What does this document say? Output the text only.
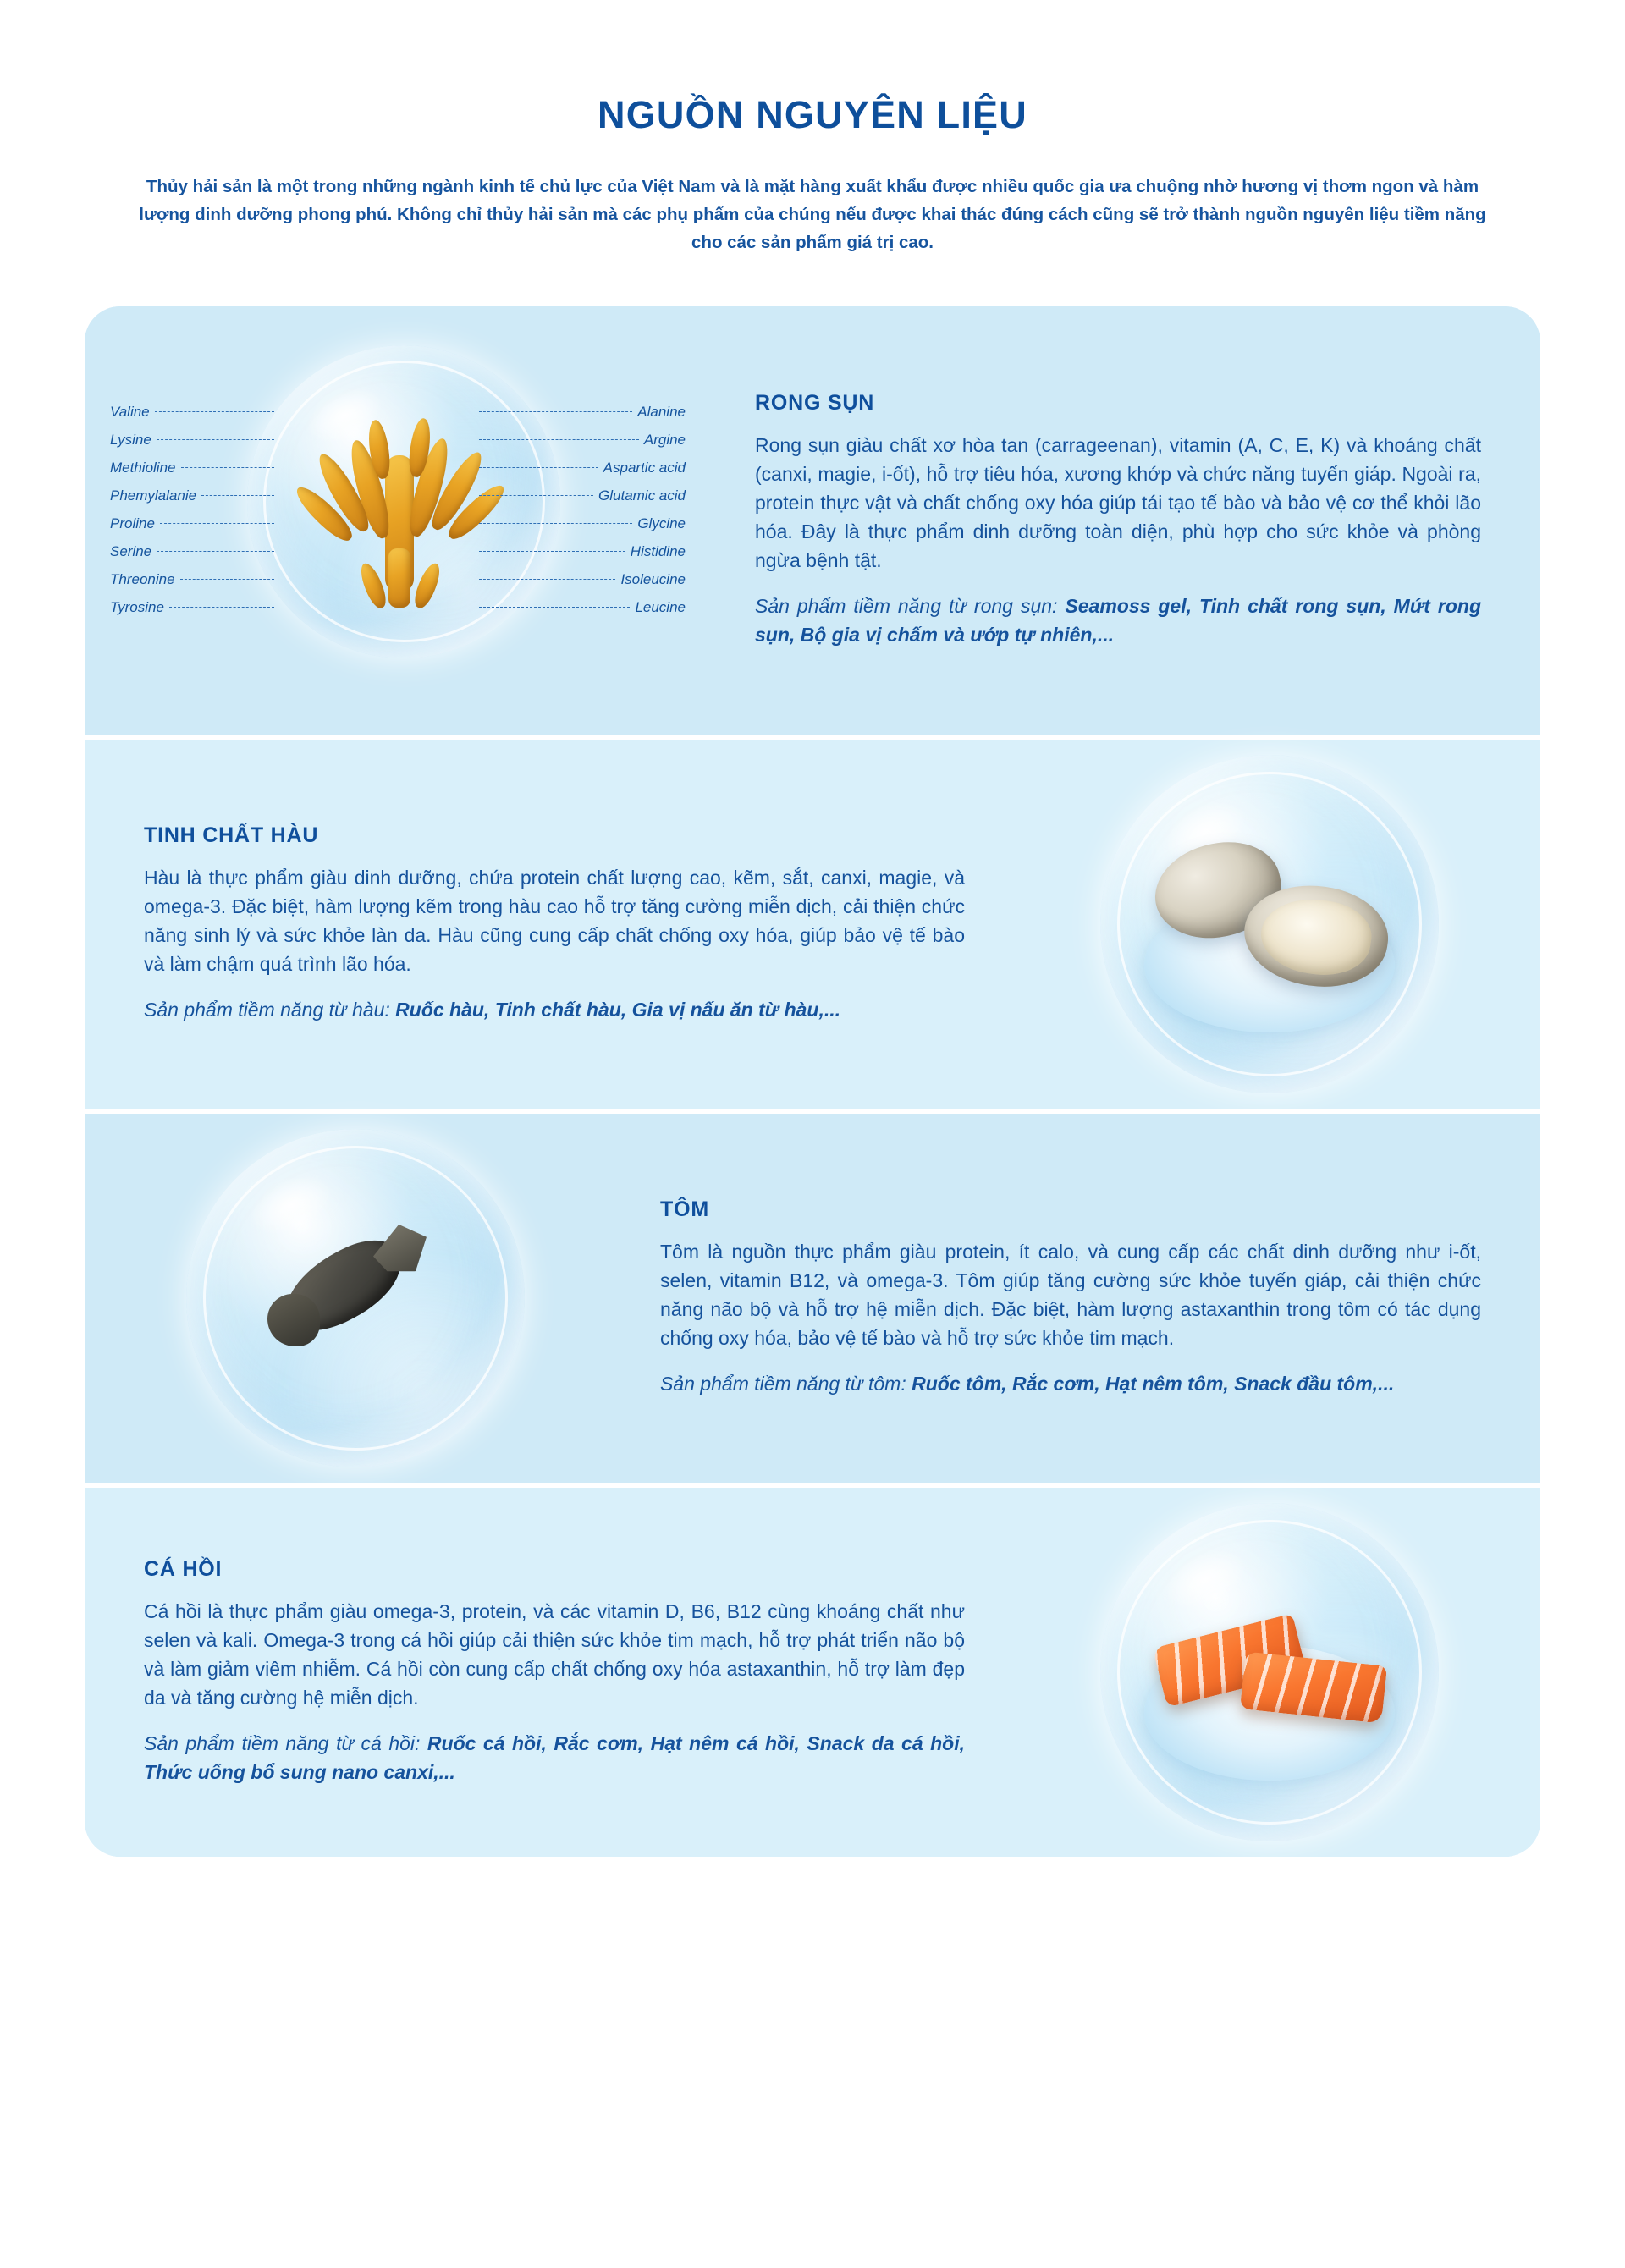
NGUỒN NGUYÊN LIỆU

Thủy hải sản là một trong những ngành kinh tế chủ lực của Việt Nam và là mặt hàng xuất khẩu được nhiều quốc gia ưa chuộng nhờ hương vị thơm ngon và hàm lượng dinh dưỡng phong phú. Không chỉ thủy hải sản mà các phụ phẩm của chúng nếu được khai thác đúng cách cũng sẽ trở thành nguồn nguyên liệu tiềm năng cho các sản phẩm giá trị cao.

Valine
Lysine
Methioline
Phemylalanie
Proline
Serine
Threonine
Tyrosine
Alanine
Argine
Aspartic acid
Glutamic acid
Glycine
Histidine
Isoleucine
Leucine
RONG SỤN

Rong sụn giàu chất xơ hòa tan (carrageenan), vitamin (A, C, E, K) và khoáng chất (canxi, magie, i-ốt), hỗ trợ tiêu hóa, xương khớp và chức năng tuyến giáp. Ngoài ra, protein thực vật và chất chống oxy hóa giúp tái tạo tế bào và bảo vệ cơ thể khỏi lão hóa. Đây là thực phẩm dinh dưỡng toàn diện, phù hợp cho sức khỏe và phòng ngừa bệnh tật.

Sản phẩm tiềm năng từ rong sụn: Seamoss gel, Tinh chất rong sụn, Mứt rong sụn, Bộ gia vị chấm và ướp tự nhiên,...

TINH CHẤT HÀU

Hàu là thực phẩm giàu dinh dưỡng, chứa protein chất lượng cao, kẽm, sắt, canxi, magie, và omega-3. Đặc biệt, hàm lượng kẽm trong hàu cao hỗ trợ tăng cường miễn dịch, cải thiện chức năng sinh lý và sức khỏe làn da. Hàu cũng cung cấp chất chống oxy hóa, giúp bảo vệ tế bào và làm chậm quá trình lão hóa.

Sản phẩm tiềm năng từ hàu: Ruốc hàu, Tinh chất hàu, Gia vị nấu ăn từ hàu,...

TÔM

Tôm là nguồn thực phẩm giàu protein, ít calo, và cung cấp các chất dinh dưỡng như i-ốt, selen, vitamin B12, và omega-3. Tôm giúp tăng cường sức khỏe tuyến giáp, cải thiện chức năng não bộ và hỗ trợ hệ miễn dịch. Đặc biệt, hàm lượng astaxanthin trong tôm có tác dụng chống oxy hóa, bảo vệ tế bào và hỗ trợ sức khỏe tim mạch.

Sản phẩm tiềm năng từ tôm: Ruốc tôm, Rắc cơm, Hạt nêm tôm, Snack đầu tôm,...

CÁ HỒI

Cá hồi là thực phẩm giàu omega-3, protein, và các vitamin D, B6, B12 cùng khoáng chất như selen và kali. Omega-3 trong cá hồi giúp cải thiện sức khỏe tim mạch, hỗ trợ phát triển não bộ và làm giảm viêm nhiễm. Cá hồi còn cung cấp chất chống oxy hóa astaxanthin, hỗ trợ làm đẹp da và tăng cường hệ miễn dịch.

Sản phẩm tiềm năng từ cá hồi: Ruốc cá hồi, Rắc cơm, Hạt nêm cá hồi, Snack da cá hồi, Thức uống bổ sung nano canxi,...
